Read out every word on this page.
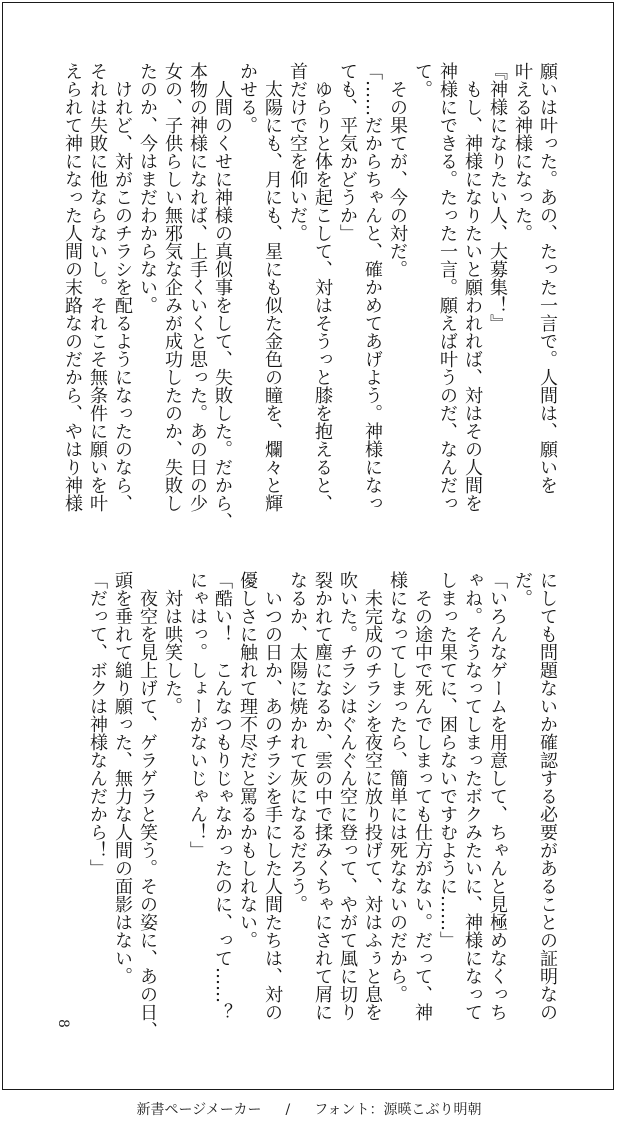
願いは叶った。あの、たった一言で。人間は、願いを
叶える神様になった。
『神様になりたい人、大募集！』
　もし、神様になりたいと願われれば、対はその人間を
神様にできる。たった一言。願えば叶うのだ、なんだっ
て。
　その果てが、今の対だ。
「……だからちゃんと、確かめてあげよう。神様になっ
ても、平気かどうか」
　ゆらりと体を起こして、対はそうっと膝を抱えると、
首だけで空を仰いだ。
　太陽にも、月にも、星にも似た金色の瞳を、爛々と輝
かせる。
　人間のくせに神様の真似事をして、失敗した。だから、
本物の神様になれば、上手くいくと思った。あの日の少
女の、子供らしい無邪気な企みが成功したのか、失敗し
たのか、今はまだわからない。
　けれど、対がこのチラシを配るようになったのなら、
それは失敗に他ならないし。それこそ無条件に願いを叶
えられて神になった人間の末路なのだから、やはり神様
にしても問題ないか確認する必要があることの証明なの
だ。
「いろんなゲームを用意して、ちゃんと見極めなくっち
ゃね。そうなってしまったボクみたいに、神様になって
しまった果てに、困らないですむように……」
　その途中で死んでしまっても仕方がない。だって、神
様になってしまったら、簡単には死なないのだから。
　未完成のチラシを夜空に放り投げて、対はふぅと息を
吹いた。チラシはぐんぐん空に登って、やがて風に切り
裂かれて塵になるか、雲の中で揉みくちゃにされて屑に
なるか、太陽に焼かれて灰になるだろう。
　いつの日か、あのチラシを手にした人間たちは、対の
優しさに触れて理不尽だと罵るかもしれない。
「酷い！　こんなつもりじゃなかったのに、って……？
にゃはっ。しょーがないじゃん！」
　対は哄笑した。
　夜空を見上げて、ゲラゲラと笑う。その姿に、あの日、
頭を垂れて縋り願った、無力な人間の面影はない。
「だって、ボクは神様なんだから！」
8
新書ページメーカー / フォント：源暎こぶり明朝
